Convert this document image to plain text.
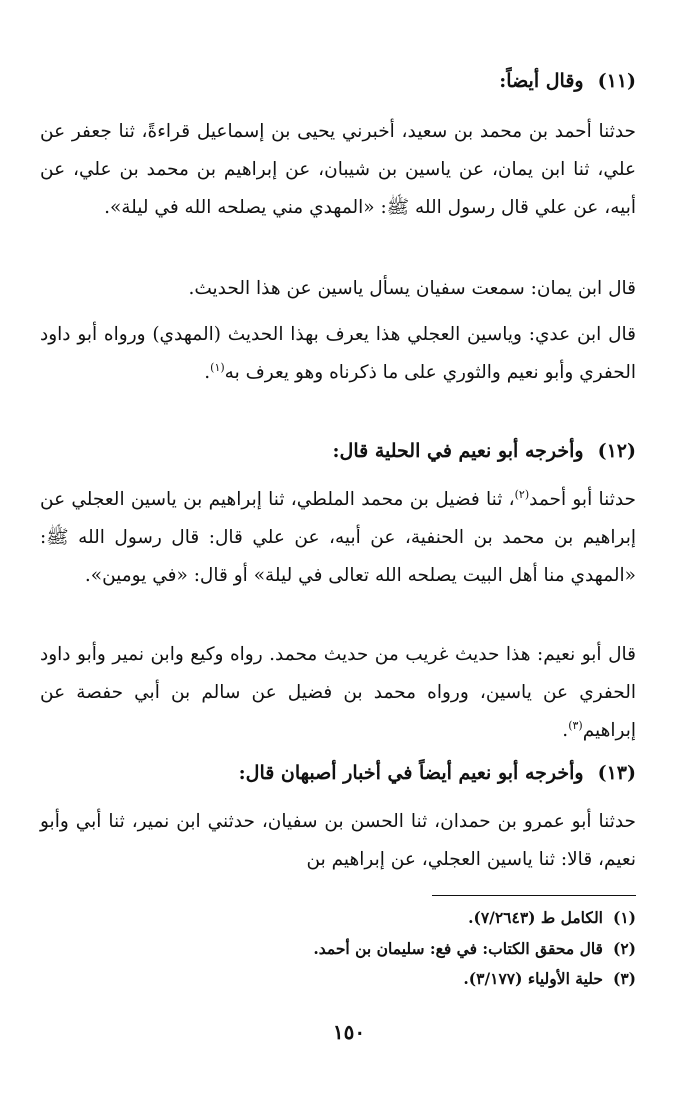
(١١)وقال أيضاً:

حدثنا أحمد بن محمد بن سعيد، أخبرني يحيى بن إسماعيل قراءةً، ثنا جعفر عن علي، ثنا ابن يمان، عن ياسين بن شيبان، عن إبراهيم بن محمد بن علي، عن أبيه، عن علي قال رسول الله ﷺ: «المهدي مني يصلحه الله في ليلة».

قال ابن يمان: سمعت سفيان يسأل ياسين عن هذا الحديث.

قال ابن عدي: وياسين العجلي هذا يعرف بهذا الحديث (المهدي) ورواه أبو داود الحفري وأبو نعيم والثوري على ما ذكرناه وهو يعرف به$^{(١)}$.

(١٢)وأخرجه أبو نعيم في الحلية قال:

حدثنا أبو أحمد$^{(٢)}$، ثنا فضيل بن محمد الملطي، ثنا إبراهيم بن ياسين العجلي عن إبراهيم بن محمد بن الحنفية، عن أبيه، عن علي قال: قال رسول الله ﷺ: «المهدي منا أهل البيت يصلحه الله تعالى في ليلة» أو قال: «في يومين».

قال أبو نعيم: هذا حديث غريب من حديث محمد. رواه وكيع وابن نمير وأبو داود الحفري عن ياسين، ورواه محمد بن فضيل عن سالم بن أبي حفصة عن إبراهيم$^{(٣)}$.

(١٣)وأخرجه أبو نعيم أيضاً في أخبار أصبهان قال:

حدثنا أبو عمرو بن حمدان، ثنا الحسن بن سفيان، حدثني ابن نمير، ثنا أبي وأبو نعيم، قالا: ثنا ياسين العجلي، عن إبراهيم بن

(١)الكامل ط (٧/٢٦٤٣).
(٢)قال محقق الكتاب: في فع: سليمان بن أحمد.
(٣)حلية الأولياء (٣/١٧٧).
١٥٠
